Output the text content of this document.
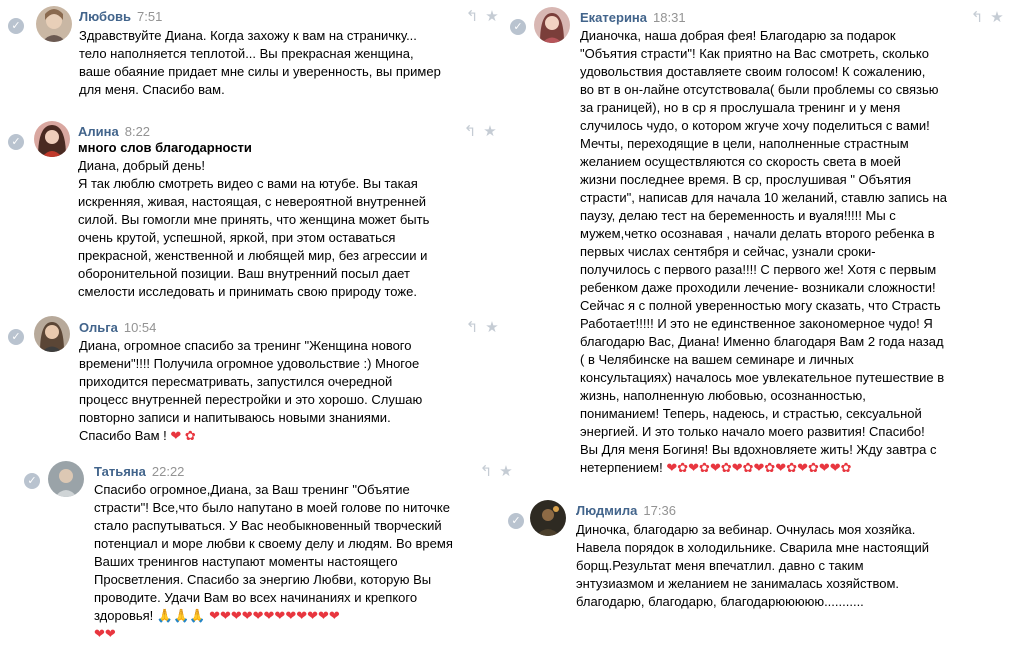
✓
Любовь 7:51	↰ ★

Здравствуйте Диана. Когда захожу к вам на страничку...

тело наполняется теплотой... Вы прекрасная женщина,

ваше обаяние придает мне силы и уверенность, вы пример

для меня. Спасибо вам.

✓
Алина 8:22	↰ ★

много слов благодарности

Диана, добрый день!

Я так люблю смотреть видео с вами на ютубе. Вы такая

искренняя, живая, настоящая, с невероятной внутренней

силой. Вы гомогли мне принять, что женщина может быть

очень крутой, успешной, яркой, при этом оставаться

прекрасной, женственной и любящей мир, без агрессии и

оборонительной позиции. Ваш внутренний посыл дает

смелости исследовать и принимать свою природу тоже.

✓
Ольга 10:54	↰ ★

Диана, огромное спасибо за тренинг "Женщина нового

времени"!!!! Получила огромное удовольствие :) Многое

приходится пересматривать, запустился очередной

процесс внутренней перестройки и это хорошо. Слушаю

повторно записи и напитываюсь новыми знаниями.

Спасибо Вам ! ❤ ✿

✓
Татьяна 22:22	↰ ★

Спасибо огромное,Диана, за Ваш тренинг "Объятие

страсти"! Все,что было напутано в моей голове по ниточке

стало распутываться. У Вас необыкновенный творческий

потенциал и море любви к своему делу и людям. Во время

Ваших тренингов наступают моменты настоящего

Просветления. Спасибо за энергию Любви, которую Вы

проводите. Удачи Вам во всех начинаниях и крепкого

здоровья! 🙏🙏🙏 ❤❤❤❤❤❤❤❤❤❤❤❤

❤❤

✓
Екатерина 18:31	↰ ★

Дианочка, наша добрая фея! Благодарю за подарок

"Объятия страсти"! Как приятно на Вас смотреть, сколько

удовольствия доставляете своим голосом! К сожалению,

во вт в он-лайне отсутствовала( были проблемы со связью

за границей), но в ср я прослушала тренинг и у меня

случилось чудо, о котором жгуче хочу поделиться с вами!

Мечты, переходящие в цели, наполненные страстным

желанием осуществляются со скорость света в моей

жизни последнее время. В ср, прослушивая " Объятия

страсти", написав для начала 10 желаний, ставлю запись на

паузу, делаю тест на беременность и вуаля!!!!! Мы с

мужем,четко осознавая , начали делать второго ребенка в

первых числах сентября и сейчас, узнали сроки-

получилось с первого раза!!!! С первого же! Хотя с первым

ребенком даже проходили лечение- возникали сложности!

Сейчас я с полной уверенностью могу сказать, что Страсть

Работает!!!!! И это не единственное закономерное чудо! Я

благодарю Вас, Диана! Именно благодаря Вам 2 года назад

( в Челябинске на вашем семинаре и личных

консультациях) началось мое увлекательное путешествие в

жизнь, наполненную любовью, осознанностью,

пониманием! Теперь, надеюсь, и страстью, сексуальной

энергией. И это только начало моего развития! Спасибо!

Вы Для меня Богиня! Вы вдохновляете жить! Жду завтра с

нетерпением! ❤✿❤✿❤✿❤✿❤✿❤✿❤✿❤❤✿

✓
Людмила 17:36

Диночка, благодарю за вебинар. Очнулась моя хозяйка.

Навела порядок в холодильнике. Сварила мне настоящий

борщ.Результат меня впечатлил. давно с таким

энтузиазмом и желанием не занималась хозяйством.

благодарю, благодарю, благодарююююю...........
